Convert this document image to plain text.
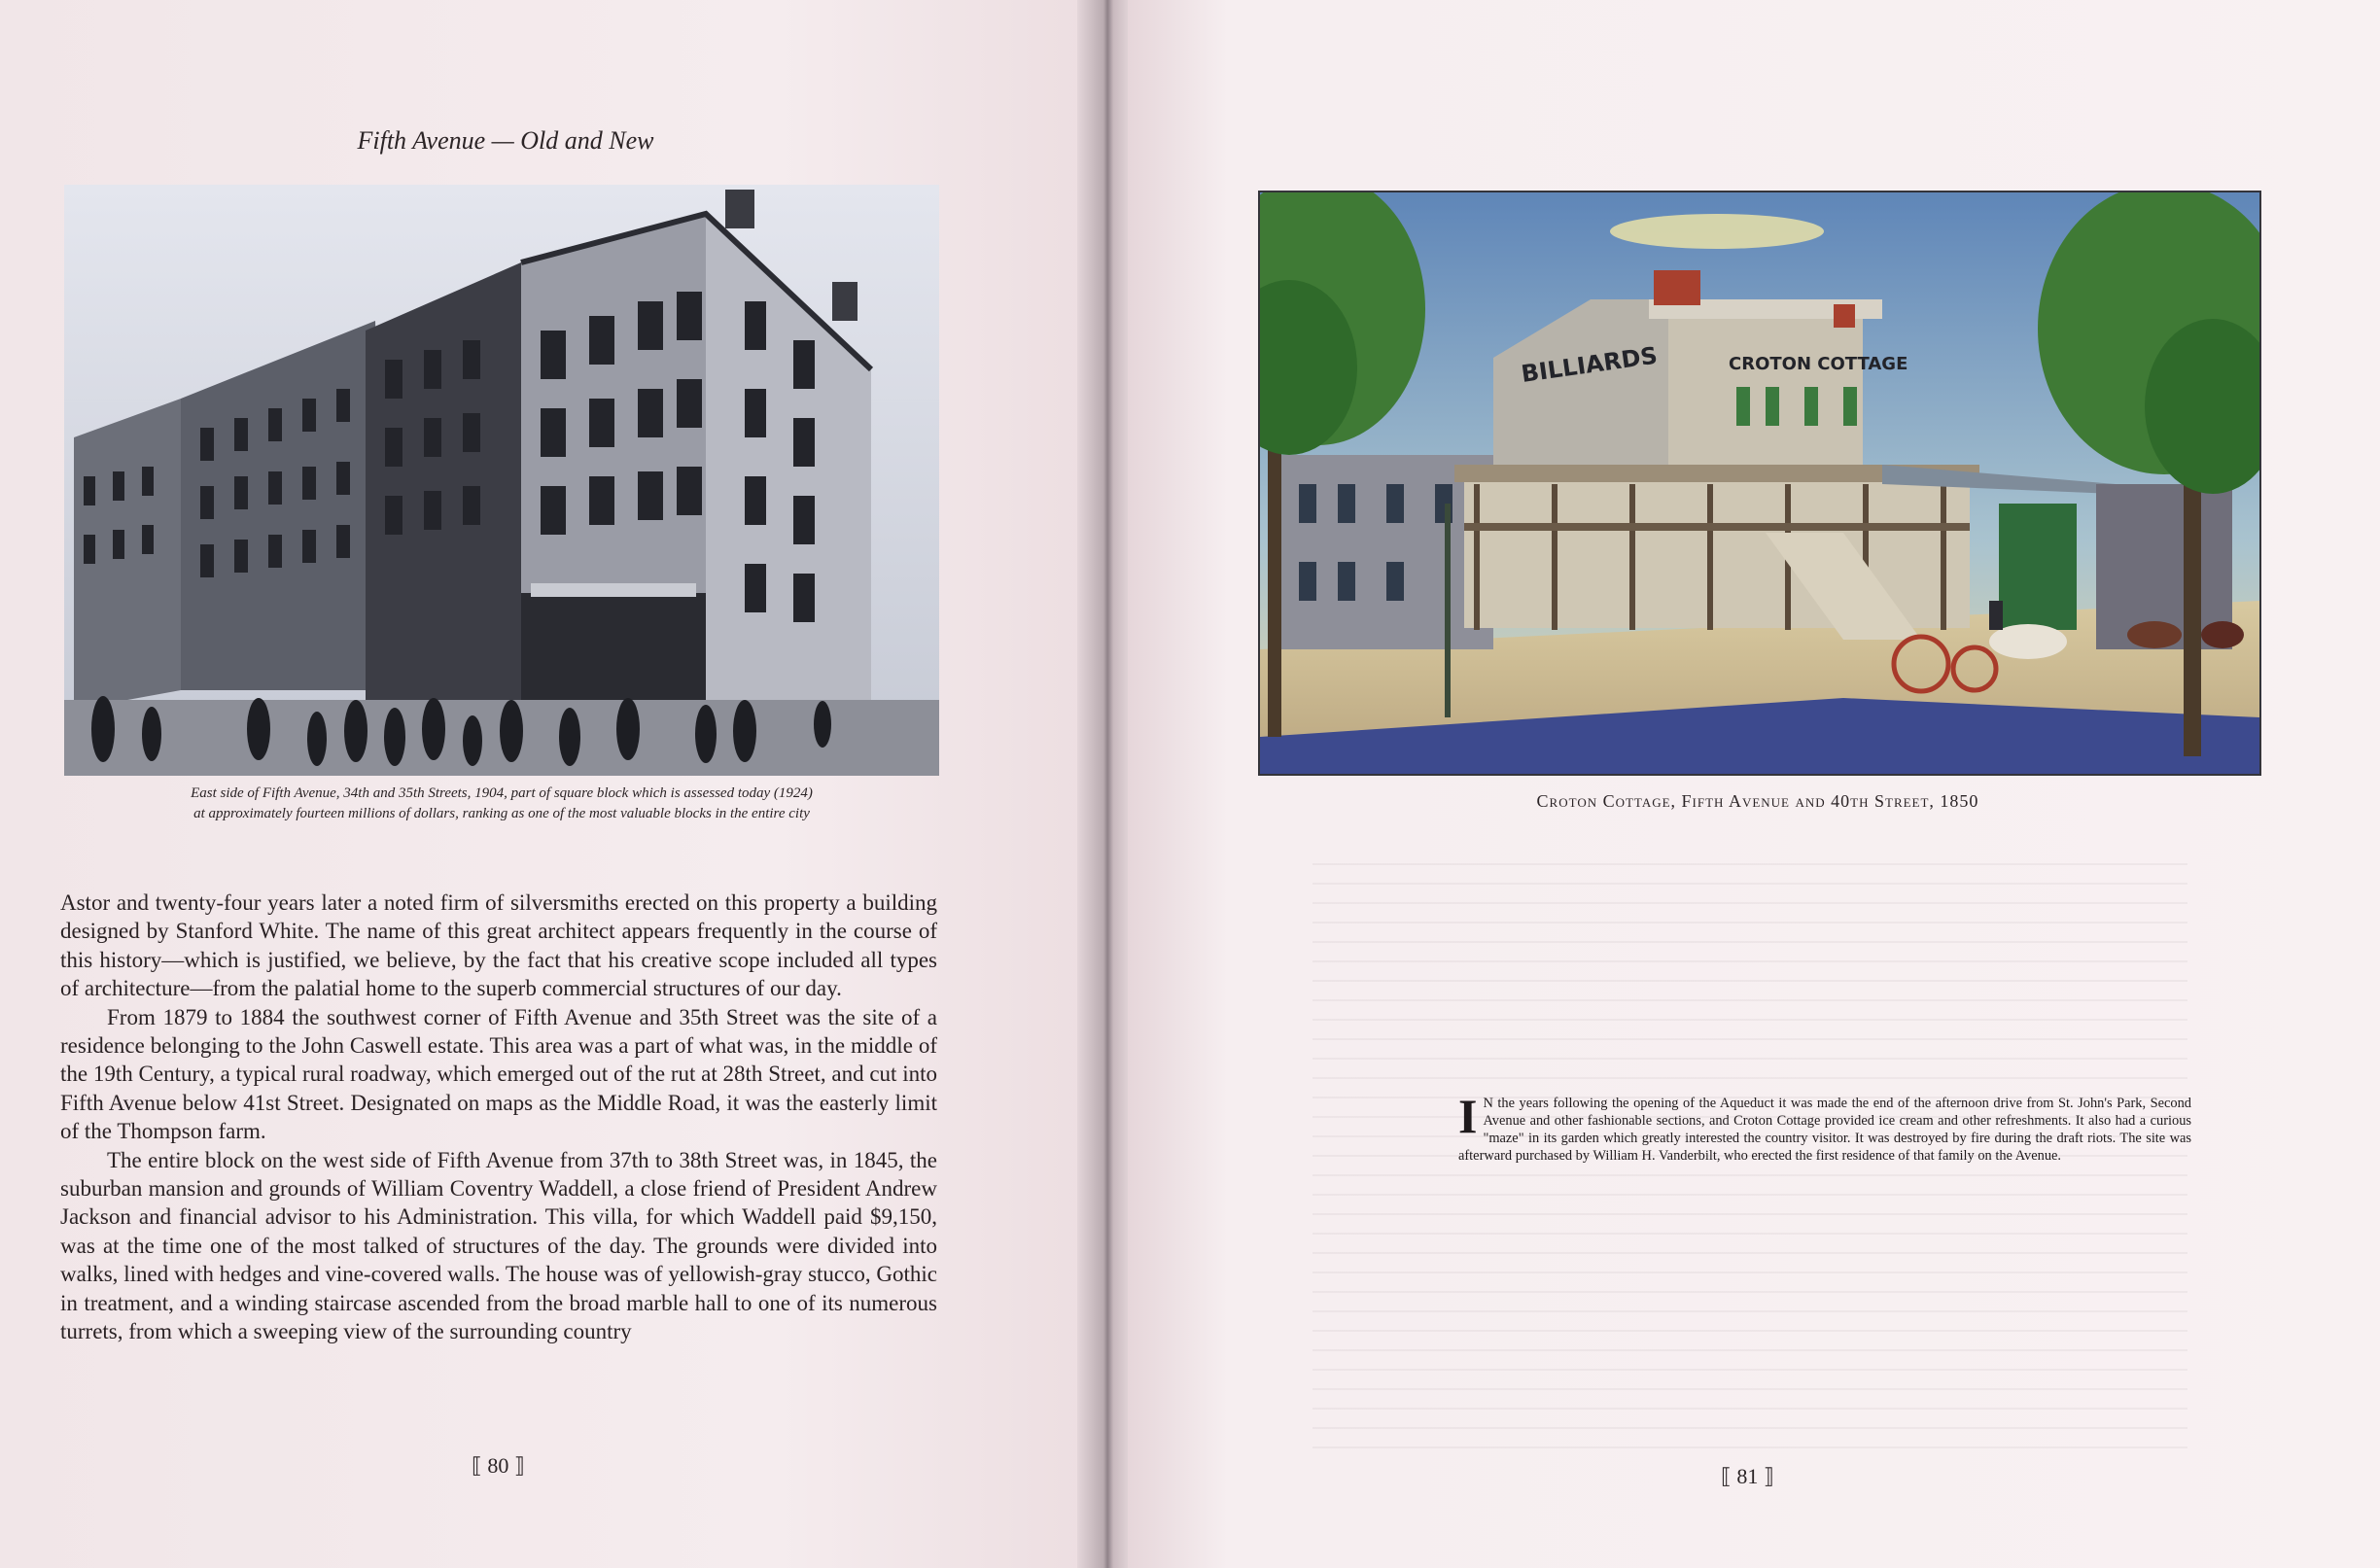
Fifth Avenue — Old and New
East side of Fifth Avenue, 34th and 35th Streets, 1904, part of square block which is assessed today (1924)
at approximately fourteen millions of dollars, ranking as one of the most valuable blocks in the entire city

Astor and twenty-four years later a noted firm of silversmiths erected on this property a building designed by Stanford White. The name of this great architect appears frequently in the course of this history—which is justified, we believe, by the fact that his creative scope included all types of architecture—from the palatial home to the superb commercial structures of our day.

From 1879 to 1884 the southwest corner of Fifth Avenue and 35th Street was the site of a residence belonging to the John Caswell estate. This area was a part of what was, in the middle of the 19th Century, a typical rural roadway, which emerged out of the rut at 28th Street, and cut into Fifth Avenue below 41st Street. Designated on maps as the Middle Road, it was the easterly limit of the Thompson farm.

The entire block on the west side of Fifth Avenue from 37th to 38th Street was, in 1845, the suburban mansion and grounds of William Coventry Waddell, a close friend of President Andrew Jackson and financial advisor to his Administration. This villa, for which Waddell paid $9,150, was at the time one of the most talked of structures of the day. The grounds were divided into walks, lined with hedges and vine-covered walls. The house was of yellowish-gray stucco, Gothic in treatment, and a winding staircase ascended from the broad marble hall to one of its numerous turrets, from which a sweeping view of the surrounding country

⟦ 80 ⟧
BILLIARDS	CROTON COTTAGE
Croton Cottage, Fifth Avenue and 40th Street, 1850
I N the years following the opening of the Aqueduct it was made the end of the afternoon drive from St. John's Park, Second Avenue and other fashionable sections, and Croton Cottage provided ice cream and other refreshments. It also had a curious "maze" in its garden which greatly interested the country visitor. It was destroyed by fire during the draft riots. The site was afterward purchased by William H. Vanderbilt, who erected the first residence of that family on the Avenue.
⟦ 81 ⟧
